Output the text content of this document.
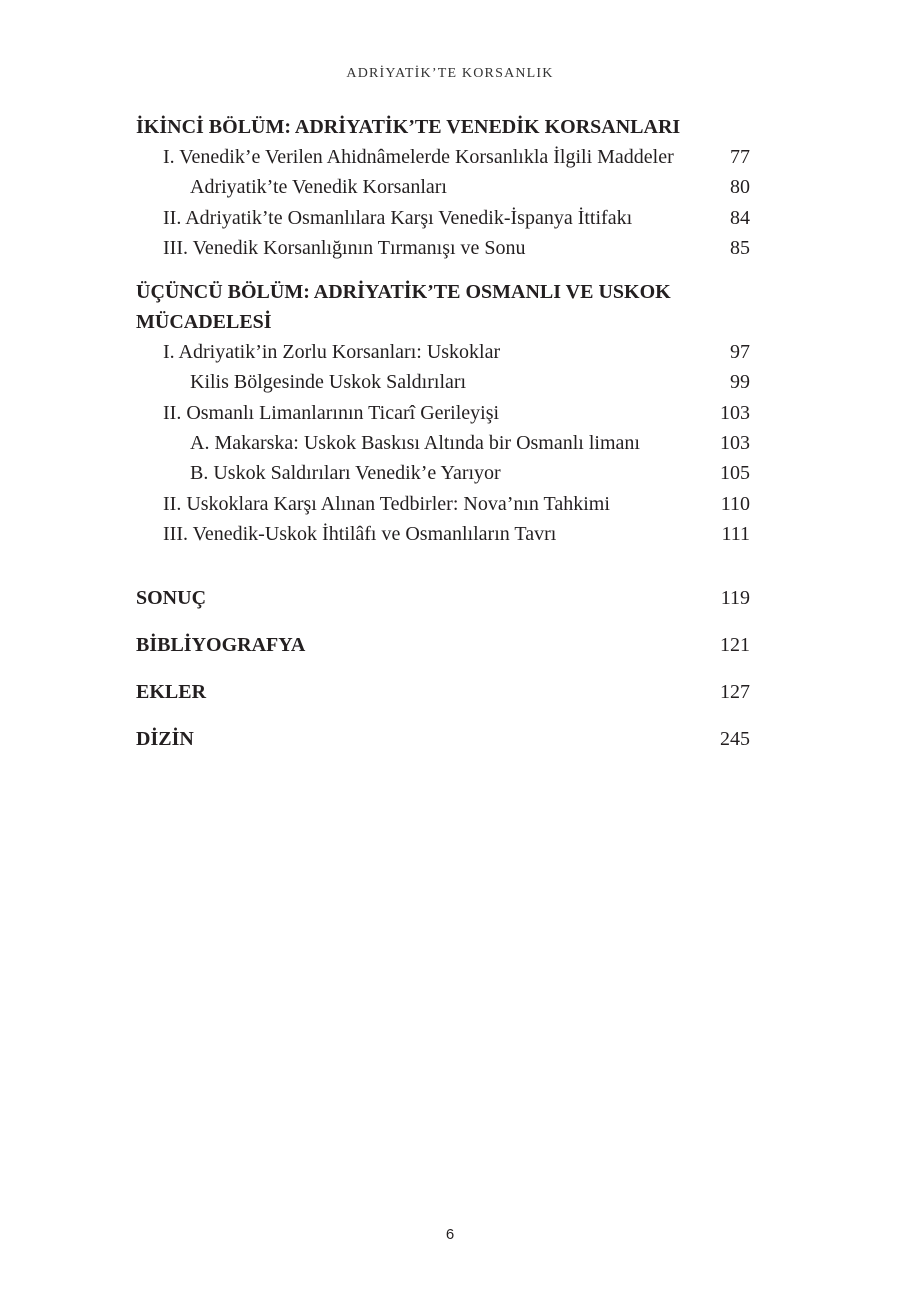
ADRİYATİK’TE KORSANLIK
İKİNCİ BÖLÜM: ADRİYATİK’TE VENEDİK KORSANLARI
I. Venedik’e Verilen Ahidnâmelerde Korsanlıkla İlgili Maddeler	77
Adriyatik’te Venedik Korsanları	80
II. Adriyatik’te Osmanlılara Karşı Venedik-İspanya İttifakı	84
III. Venedik Korsanlığının Tırmanışı ve Sonu	85
ÜÇÜNCÜ BÖLÜM: ADRİYATİK’TE OSMANLI VE USKOK MÜCADELESİ
I. Adriyatik’in Zorlu Korsanları: Uskoklar	97
Kilis Bölgesinde Uskok Saldırıları	99
II. Osmanlı Limanlarının Ticarî Gerileyişi	103
A. Makarska: Uskok Baskısı Altında bir Osmanlı limanı	103
B. Uskok Saldırıları Venedik’e Yarıyor	105
II. Uskoklara Karşı Alınan Tedbirler: Nova’nın Tahkimi	110
III. Venedik-Uskok İhtilâfı ve Osmanlıların Tavrı	111
SONUÇ	119
BİBLİYOGRAFYA	121
EKLER	127
DİZİN	245
6
